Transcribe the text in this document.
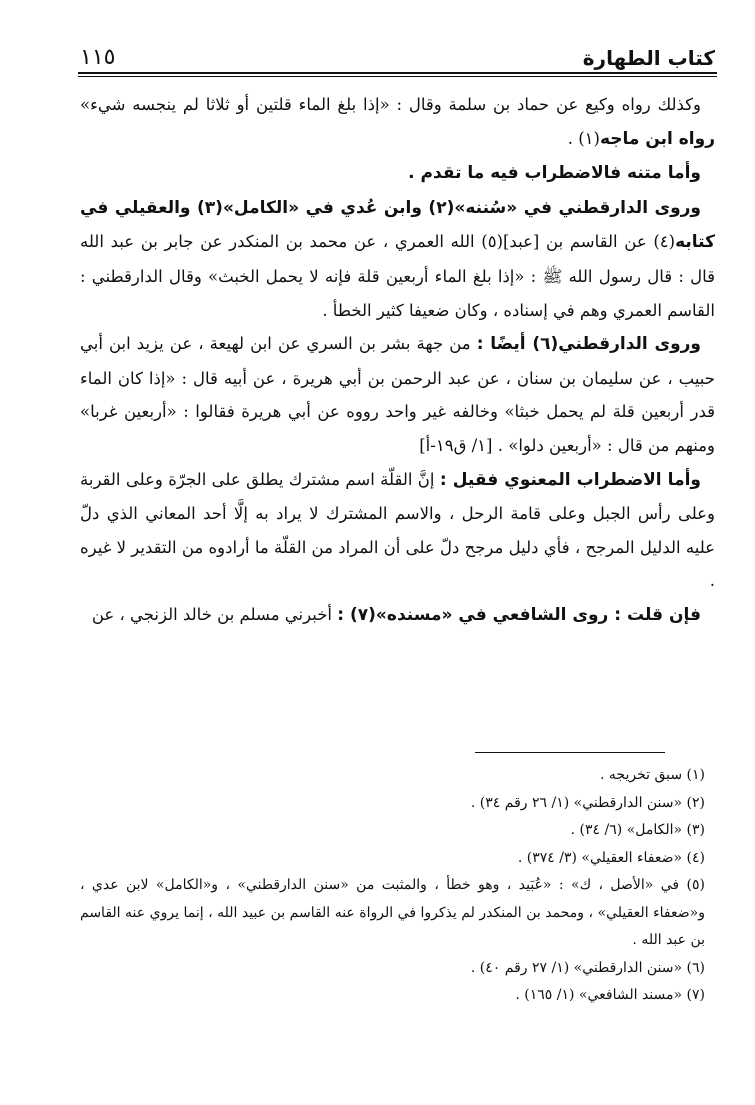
كتاب الطهارة
١١٥

وكذلك رواه وكيع عن حماد بن سلمة وقال : «إذا بلغ الماء قلتين أو ثلاثا لم ينجسه شيء» رواه ابن ماجه(١) .

وأما متنه فالاضطراب فيه ما تقدم .

وروى الدارقطني في «سُننه»(٢) وابن عُدي في «الكامل»(٣) والعقيلي في كتابه(٤) عن القاسم بن [عبد](٥) الله العمري ، عن محمد بن المنكدر عن جابر بن عبد الله قال : قال رسول الله ﷺ : «إذا بلغ الماء أربعين قلة فإنه لا يحمل الخبث» وقال الدارقطني : القاسم العمري وهم في إسناده ، وكان ضعيفا كثير الخطأ .

وروى الدارقطني(٦) أيضًا : من جهة بشر بن السري عن ابن لهيعة ، عن يزيد ابن أبي حبيب ، عن سليمان بن سنان ، عن عبد الرحمن بن أبي هريرة ، عن أبيه قال : «إذا كان الماء قدر أربعين قلة لم يحمل خبثا» وخالفه غير واحد رووه عن أبي هريرة فقالوا : «أربعين غربا» ومنهم من قال : «أربعين دلوا» . [١/ ق١٩-أ]

وأما الاضطراب المعنوي فقيل : إنَّ القلّة اسم مشترك يطلق على الجرّة وعلى القربة وعلى رأس الجبل وعلى قامة الرحل ، والاسم المشترك لا يراد به إلَّا أحد المعاني الذي دلّ عليه الدليل المرجح ، فأي دليل مرجح دلّ على أن المراد من القلّة ما أرادوه من التقدير لا غيره .

فإن قلت : روى الشافعي في «مسنده»(٧) : أخبرني مسلم بن خالد الزنجي ، عن

(١) سبق تخريجه .

(٢) «سنن الدارقطني» (١/ ٢٦ رقم ٣٤) .

(٣) «الكامل» (٦/ ٣٤) .

(٤) «ضعفاء العقيلي» (٣/ ٣٧٤) .

(٥) في «الأصل ، ك» : «عُبَيد ، وهو خطأ ، والمثبت من «سنن الدارقطني» ، و«الكامل» لابن عدي ، و«ضعفاء العقيلي» ، ومحمد بن المنكدر لم يذكروا في الرواة عنه القاسم بن عبيد الله ، إنما يروي عنه القاسم بن عبد الله .

(٦) «سنن الدارقطني» (١/ ٢٧ رقم ٤٠) .

(٧) «مسند الشافعي» (١/ ١٦٥) .
